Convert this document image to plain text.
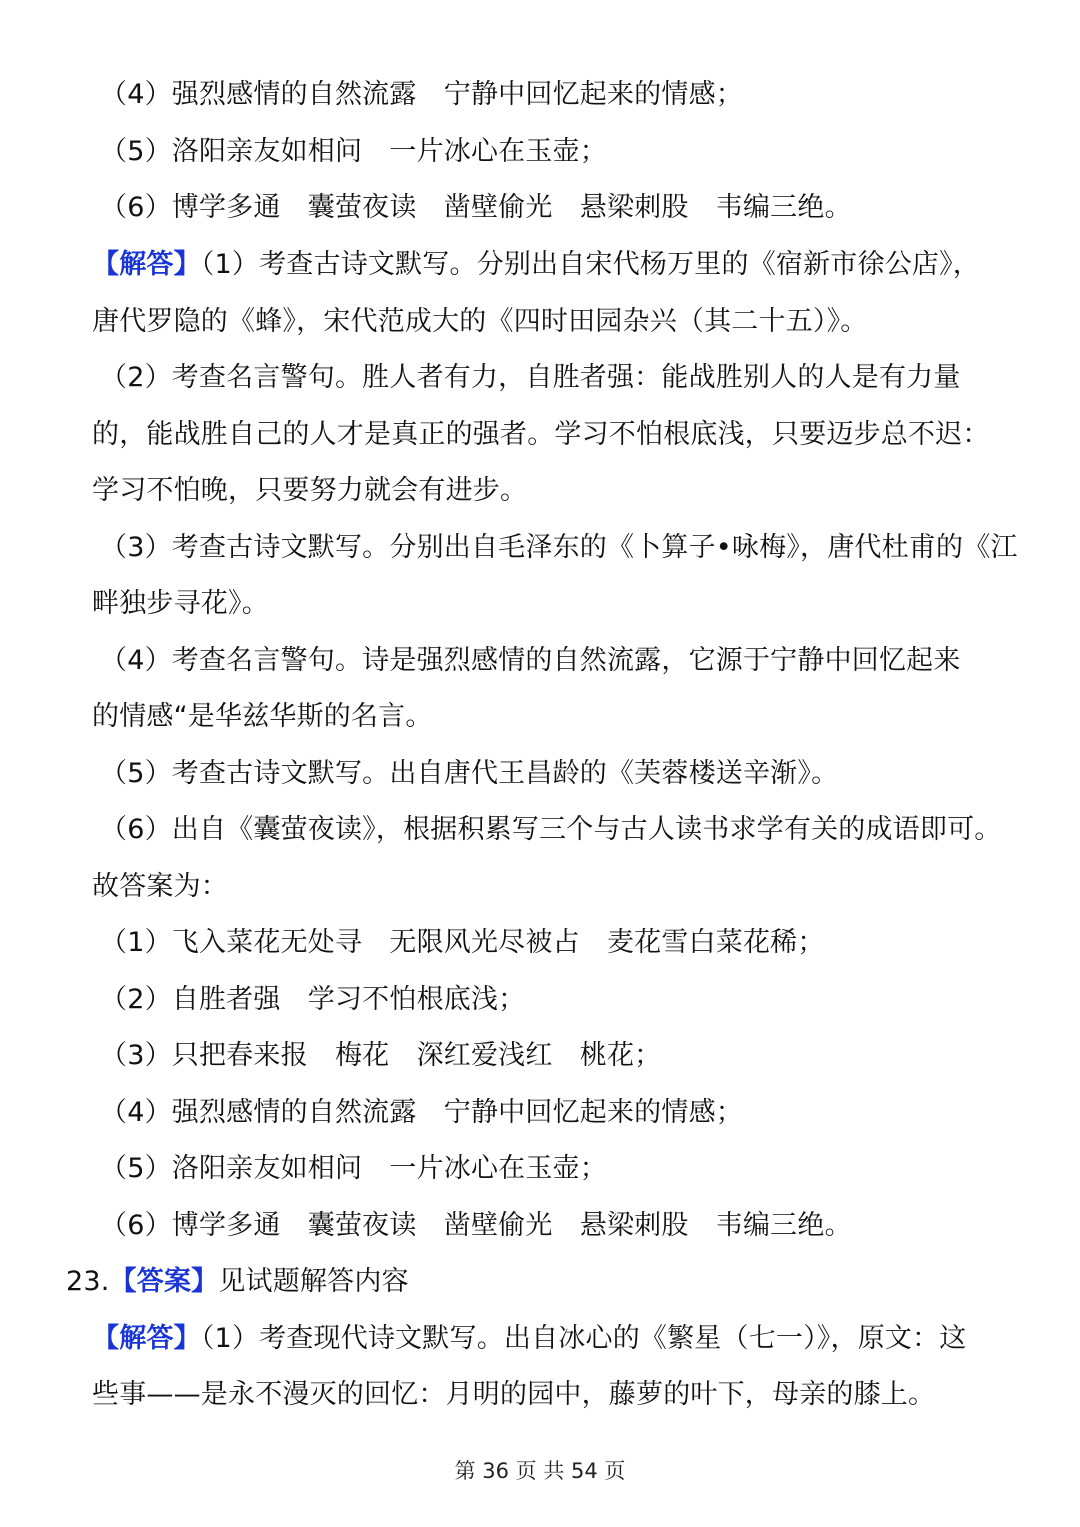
（4）强烈感情的自然流露　宁静中回忆起来的情感；
（5）洛阳亲友如相问　一片冰心在玉壶；
（6）博学多通　囊萤夜读　凿壁偷光　悬梁刺股　韦编三绝。
【解答】（1）考查古诗文默写。分别出自宋代杨万里的《宿新市徐公店》，
唐代罗隐的《蜂》，宋代范成大的《四时田园杂兴（其二十五）》。
（2）考查名言警句。胜人者有力，自胜者强：能战胜别人的人是有力量
的，能战胜自己的人才是真正的强者。学习不怕根底浅，只要迈步总不迟：
学习不怕晚，只要努力就会有进步。
（3）考查古诗文默写。分别出自毛泽东的《卜算子•咏梅》，唐代杜甫的《江
畔独步寻花》。
（4）考查名言警句。诗是强烈感情的自然流露，它源于宁静中回忆起来
的情感“是华兹华斯的名言。
（5）考查古诗文默写。出自唐代王昌龄的《芙蓉楼送辛渐》。
（6）出自《囊萤夜读》，根据积累写三个与古人读书求学有关的成语即可。
故答案为：
（1）飞入菜花无处寻　无限风光尽被占　麦花雪白菜花稀；
（2）自胜者强　学习不怕根底浅；
（3）只把春来报　梅花　深红爱浅红　桃花；
（4）强烈感情的自然流露　宁静中回忆起来的情感；
（5）洛阳亲友如相问　一片冰心在玉壶；
（6）博学多通　囊萤夜读　凿壁偷光　悬梁刺股　韦编三绝。
23.【答案】见试题解答内容
【解答】（1）考查现代诗文默写。出自冰心的《繁星（七一）》，原文：这
些事——是永不漫灭的回忆：月明的园中，藤萝的叶下，母亲的膝上。
第 36 页 共 54 页
